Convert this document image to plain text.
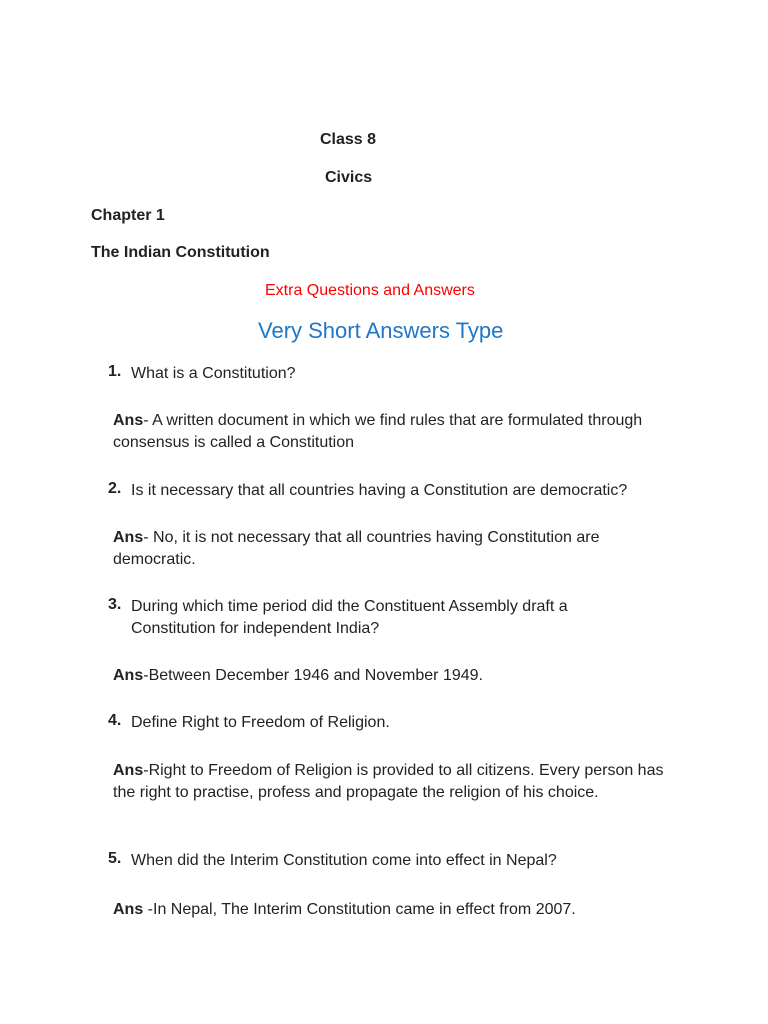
Class 8
Civics
Chapter 1
The Indian Constitution
Extra Questions and Answers
Very Short Answers Type
1. What is a Constitution?
Ans- A written document in which we find rules that are formulated through consensus is called a Constitution
2. Is it necessary that all countries having a Constitution are democratic?
Ans- No, it is not necessary that all countries having Constitution are democratic.
3. During which time period did the Constituent Assembly draft a Constitution for independent India?
Ans-Between December 1946 and November 1949.
4. Define Right to Freedom of Religion.
Ans-Right to Freedom of Religion is provided to all citizens. Every person has the right to practise, profess and propagate the religion of his choice.
5. When did the Interim Constitution come into effect in Nepal?
Ans -In Nepal, The Interim Constitution came in effect from 2007.
